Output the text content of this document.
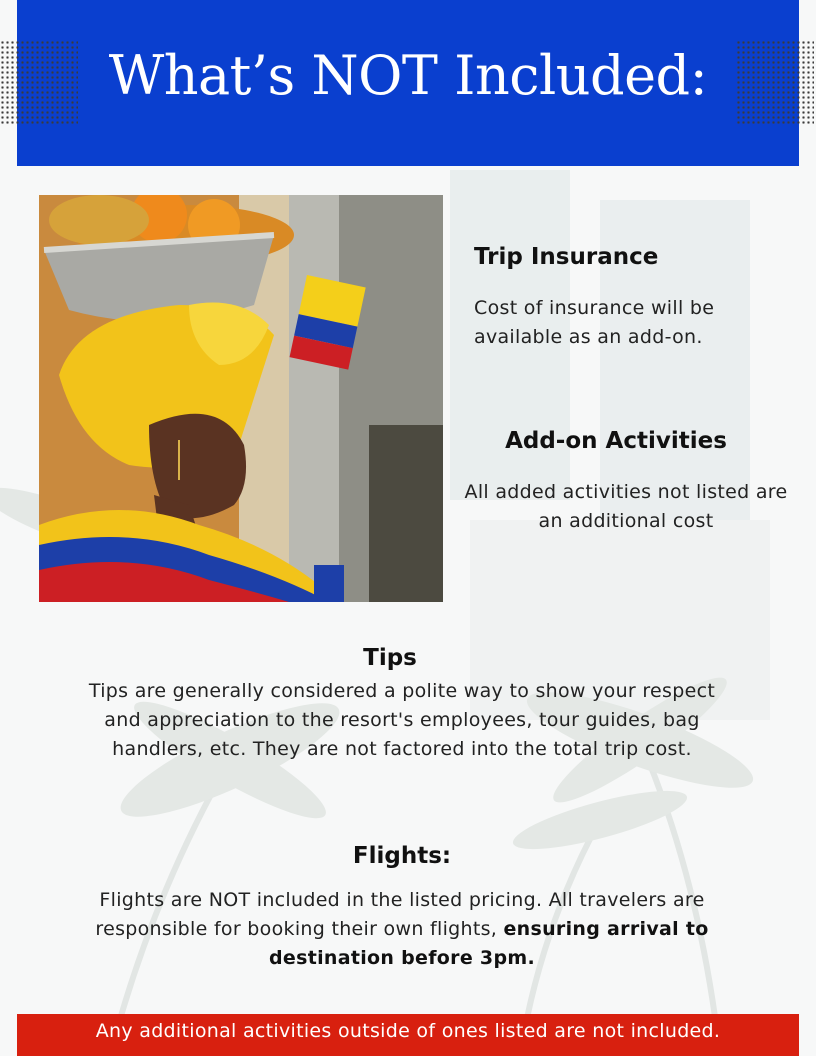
What’s NOT Included:
Trip Insurance
Cost of insurance will be available as an add-on.
Add-on Activities
All added activities not listed are an additional cost
Tips
Tips are generally considered a polite way to show your respect and appreciation to the resort's employees, tour guides, bag handlers, etc. They are not factored into the total trip cost.
Flights:
Flights are NOT included in the listed pricing. All travelers are responsible for booking their own flights, ensuring arrival to destination before 3pm.
Any additional activities outside of ones listed are not included.
